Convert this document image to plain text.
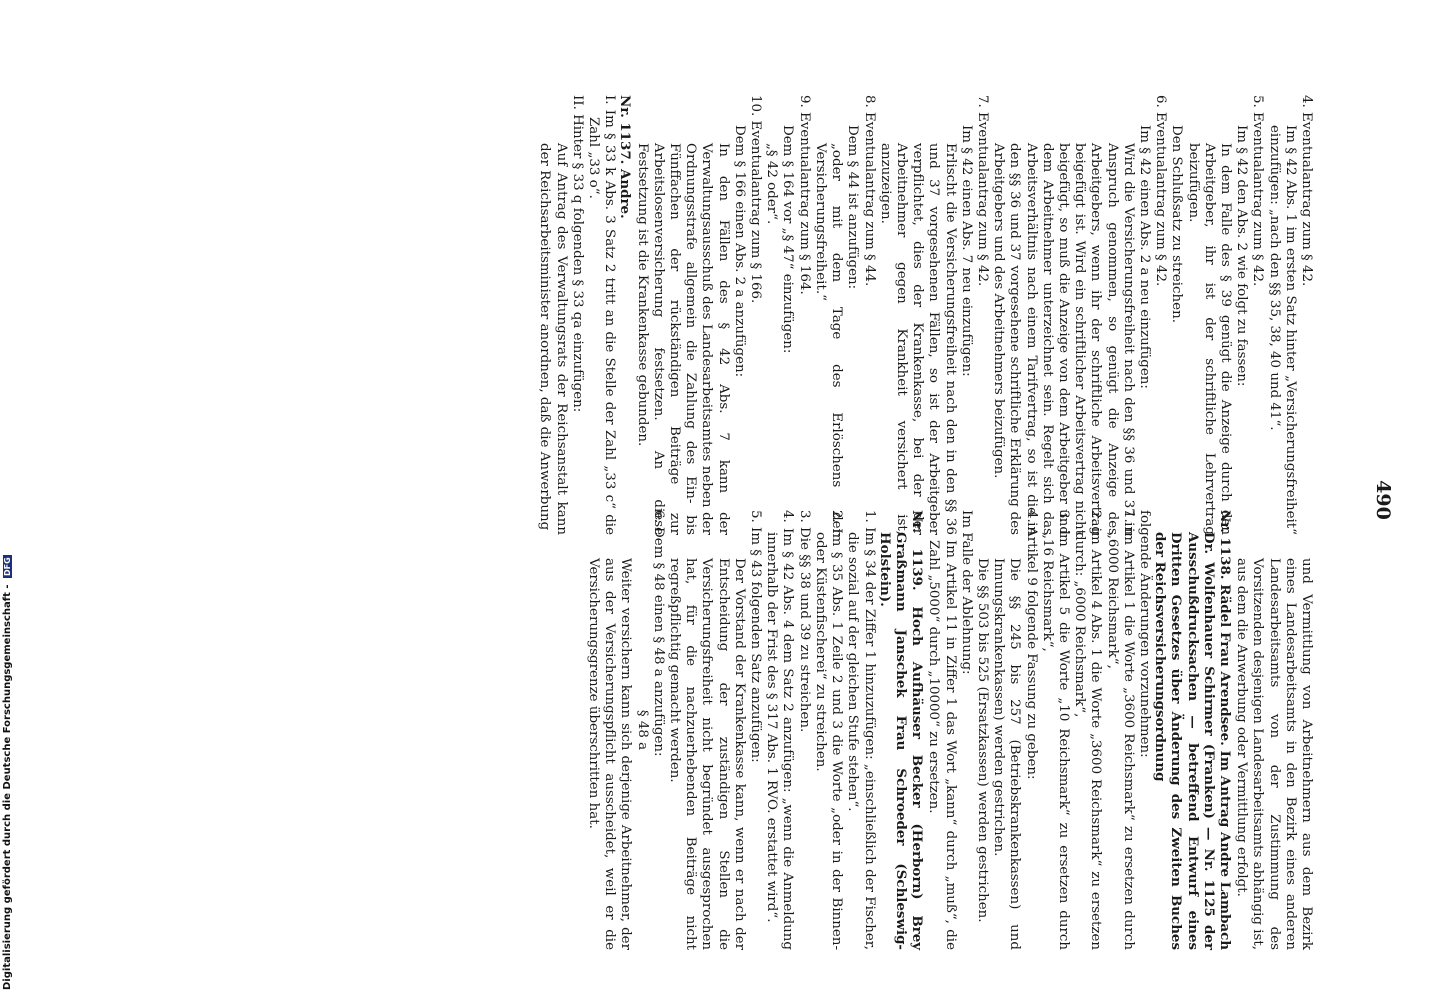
490

4. Eventualantrag zum § 42.

Im § 42 Abs. 1 im ersten Satz hinter „Versicherungsfreiheit“ einzufügen: „nach den §§ 35, 38, 40 und 41“.

5. Eventualantrag zum § 42.

Im § 42 den Abs. 2 wie folgt zu fassen:

In dem Falle des § 39 genügt die Anzeige durch den Arbeitgeber, ihr ist der schriftliche Lehrvertrag beizufügen.

Den Schlußsatz zu streichen.

6. Eventualantrag zum § 42.

Im § 42 einen Abs. 2 a neu einzufügen:

Wird die Versicherungsfreiheit nach den §§ 36 und 37 in Anspruch genommen, so genügt die Anzeige des Arbeitgebers, wenn ihr der schriftliche Arbeitsvertrag beigefügt ist. Wird ein schriftlicher Arbeitsvertrag nicht beigefügt, so muß die Anzeige von dem Arbeitgeber und dem Arbeitnehmer unterzeichnet sein. Regelt sich das Arbeitsverhältnis nach einem Tarifvertrag, so ist die in den §§ 36 und 37 vorgesehene schriftliche Erklärung des Arbeitgebers und des Arbeitnehmers beizufügen.

7. Eventualantrag zum § 42.

Im § 42 einen Abs. 7 neu einzufügen:

Erlischt die Versicherungsfreiheit nach den in den §§ 36 und 37 vorgesehenen Fällen, so ist der Arbeitgeber verpflichtet, dies der Krankenkasse, bei der der Arbeitnehmer gegen Krankheit versichert ist, anzuzeigen.

8. Eventualantrag zum § 44.

Dem § 44 ist anzufügen:

„oder mit dem Tage des Erlöschens der Versicherungsfreiheit.“

9. Eventualantrag zum § 164.

Dem § 164 vor „§ 47“ einzufügen:

„§ 42 oder“.

10. Eventualantrag zum § 166.

Dem § 166 einen Abs. 2 a anzufügen:

In den Fällen des § 42 Abs. 7 kann der Verwaltungsausschuß des Landesarbeitsamtes neben der Ordnungsstrafe allgemein die Zahlung des Ein- bis Fünffachen der rückständigen Beiträge zur Arbeitslosenversicherung festsetzen. An diese Festsetzung ist die Krankenkasse gebunden.

Nr. 1137. Andre.

I. Im § 33 k Abs. 3 Satz 2 tritt an die Stelle der Zahl „33 c“ die Zahl „33 o“.

II. Hinter § 33 q folgenden § 33 qa einzufügen:

Auf Antrag des Verwaltungsrats der Reichsanstalt kann der Reichsarbeitsminister anordnen, daß die Anwerbung

und Vermittlung von Arbeitnehmern aus dem Bezirk eines Landesarbeitsamts in den Bezirk eines anderen Landesarbeitsamts von der Zustimmung des Vorsitzenden desjenigen Landesarbeitsamts abhängig ist, aus dem die Anwerbung oder Vermittlung erfolgt.

Nr. 1138. Rädel Frau Arendsee. Im Antrag Andre Lambach Dr. Wolfenhauer Schirmer (Franken) — Nr. 1125 der Ausschußdrucksachen — betreffend Entwurf eines Dritten Gesetzes über Änderung des Zweiten Buches der Reichsversicherungsordnung

folgende Änderungen vorzunehmen:

1. im Artikel 1 die Worte „3600 Reichsmark“ zu ersetzen durch „6000 Reichsmark“,

2. im Artikel 4 Abs. 1 die Worte „3600 Reichsmark“ zu ersetzen durch: „6000 Reichsmark“,

3. im Artikel 5 die Worte „10 Reichsmark“ zu ersetzen durch „16 Reichsmark“,

4. Artikel 9 folgende Fassung zu geben:

Die §§ 245 bis 257 (Betriebskrankenkassen) und Innungskrankenkassen) werden gestrichen.

Die §§ 503 bis 525 (Ersatzkassen) werden gestrichen.

Im Falle der Ablehnung:

Im Artikel 11 in Ziffer 1 das Wort „kann“ durch „muß“, die Zahl „5000“ durch „10000“ zu ersetzen.

Nr. 1139. Hoch Aufhäuser Becker (Herborn) Brey Graßmann Janschek Frau Schroeder (Schleswig-Holstein).

1. Im § 34 der Ziffer 1 hinzuzufügen: „einschließlich der Fischer, die sozial auf der gleichen Stufe stehen“.

2. Im § 35 Abs. 1 Zeile 2 und 3 die Worte „oder in der Binnen- oder Küstenfischerei“ zu streichen.

3. Die §§ 38 und 39 zu streichen.

4. Im § 42 Abs. 4 dem Satz 2 anzufügen: „wenn die Anmeldung innerhalb der Frist des § 317 Abs. 1 RVO. erstattet wird“.

5. Im § 43 folgenden Satz anzufügen:

Der Vorstand der Krankenkasse kann, wenn er nach der Entscheidung der zuständigen Stellen die Versicherungsfreiheit nicht begründet ausgesprochen hat, für die nachzuerhebenden Beiträge nicht regreßpflichtig gemacht werden.

6. Dem § 48 einen § 48 a anzufügen:

§ 48 a

Weiter versichern kann sich derjenige Arbeitnehmer, der aus der Versicherungspflicht ausscheidet, weil er die Versicherungsgrenze überschritten hat.

Digitalisierung gefördert durch die Deutsche Forschungsgemeinschaft - DFG
